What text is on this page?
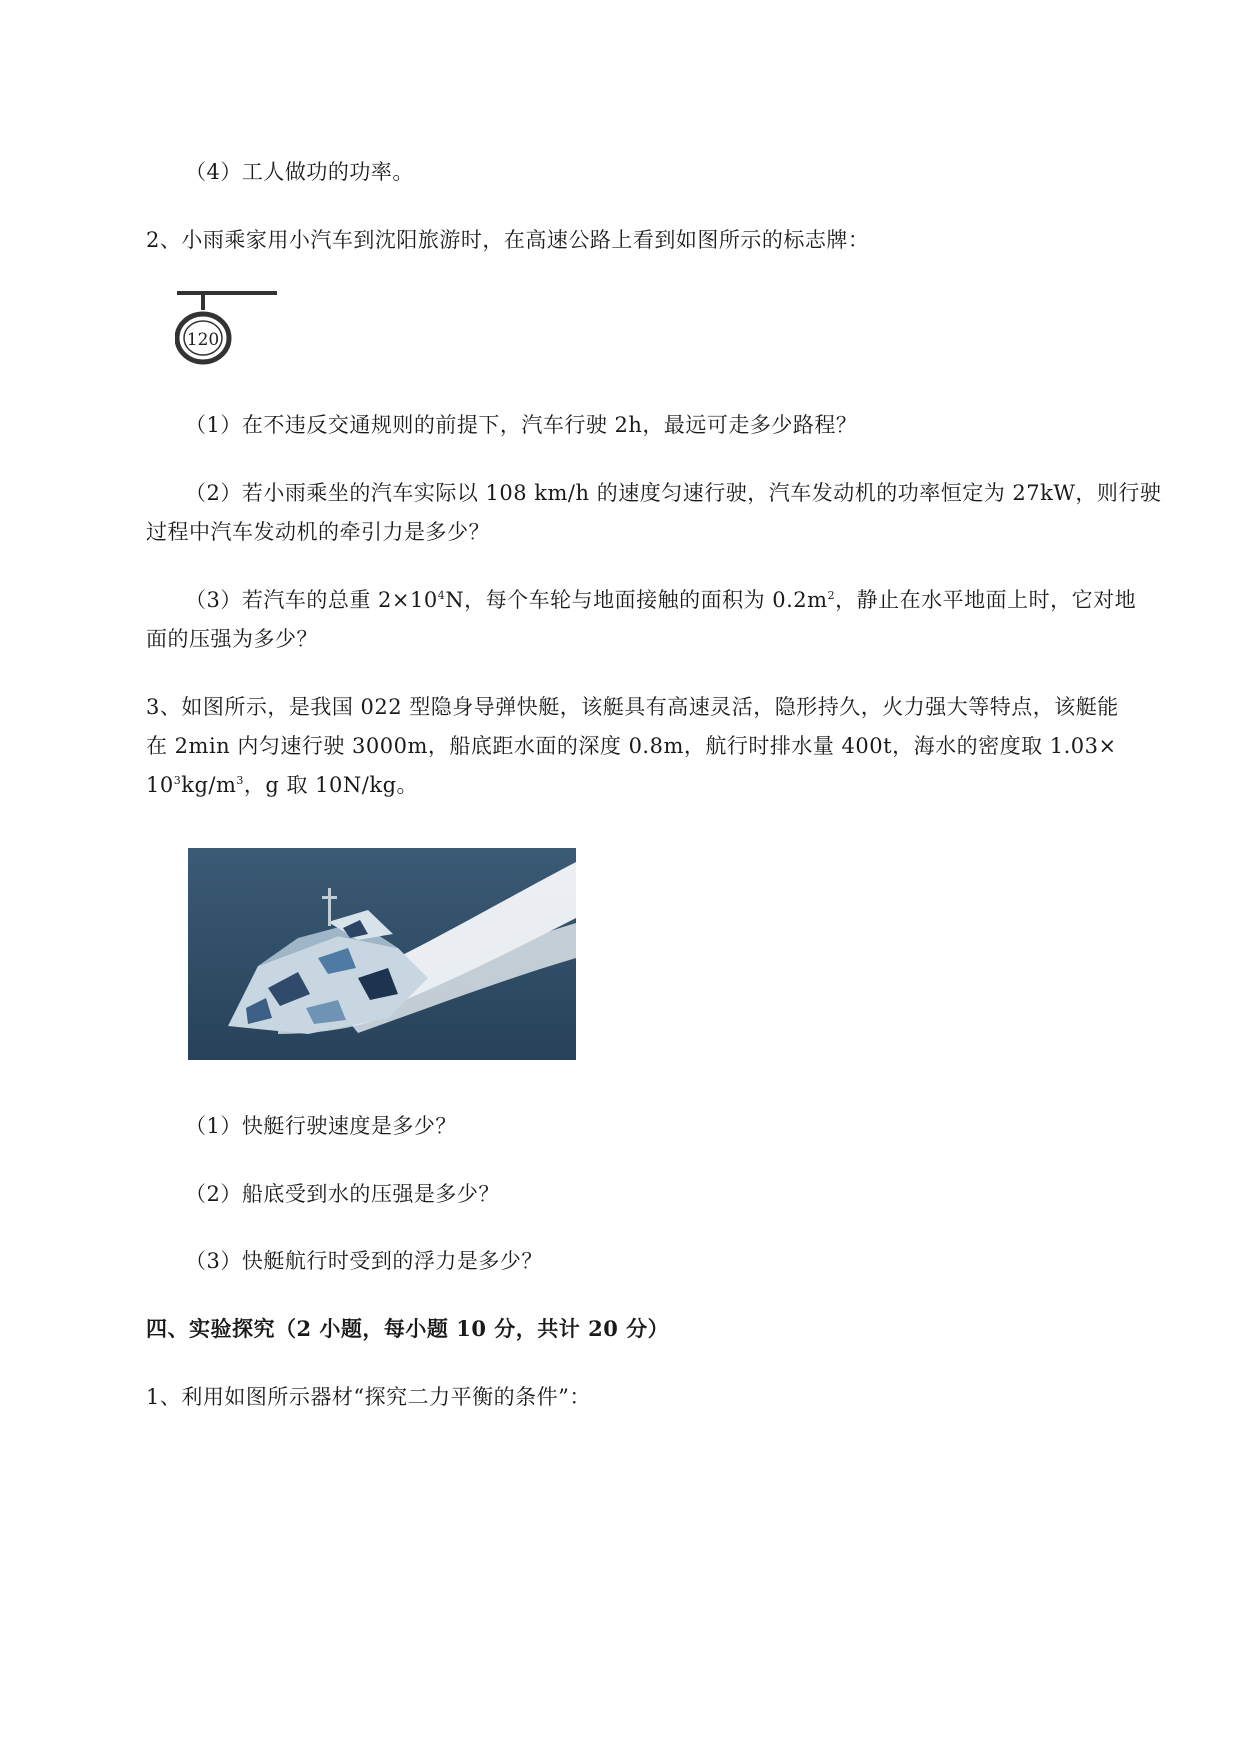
（4）工人做功的功率。
2、小雨乘家用小汽车到沈阳旅游时，在高速公路上看到如图所示的标志牌：
120
（1）在不违反交通规则的前提下，汽车行驶 2h，最远可走多少路程？
（2）若小雨乘坐的汽车实际以 108 km/h 的速度匀速行驶，汽车发动机的功率恒定为 27kW，则行驶
过程中汽车发动机的牵引力是多少？
（3）若汽车的总重 $2\times 10^4N$，每个车轮与地面接触的面积为 $0.2m^2$，静止在水平地面上时，它对地
面的压强为多少？
3、如图所示，是我国 022 型隐身导弹快艇，该艇具有高速灵活，隐形持久，火力强大等特点，该艇能
在 2min 内匀速行驶 3000m，船底距水面的深度 0.8m，航行时排水量 400t，海水的密度取 1.03×
$10^3kg/m^3$，g 取 10N/kg。
（1）快艇行驶速度是多少？
（2）船底受到水的压强是多少？
（3）快艇航行时受到的浮力是多少？
四、实验探究（2 小题，每小题 10 分，共计 20 分）
1、利用如图所示器材“探究二力平衡的条件”：
